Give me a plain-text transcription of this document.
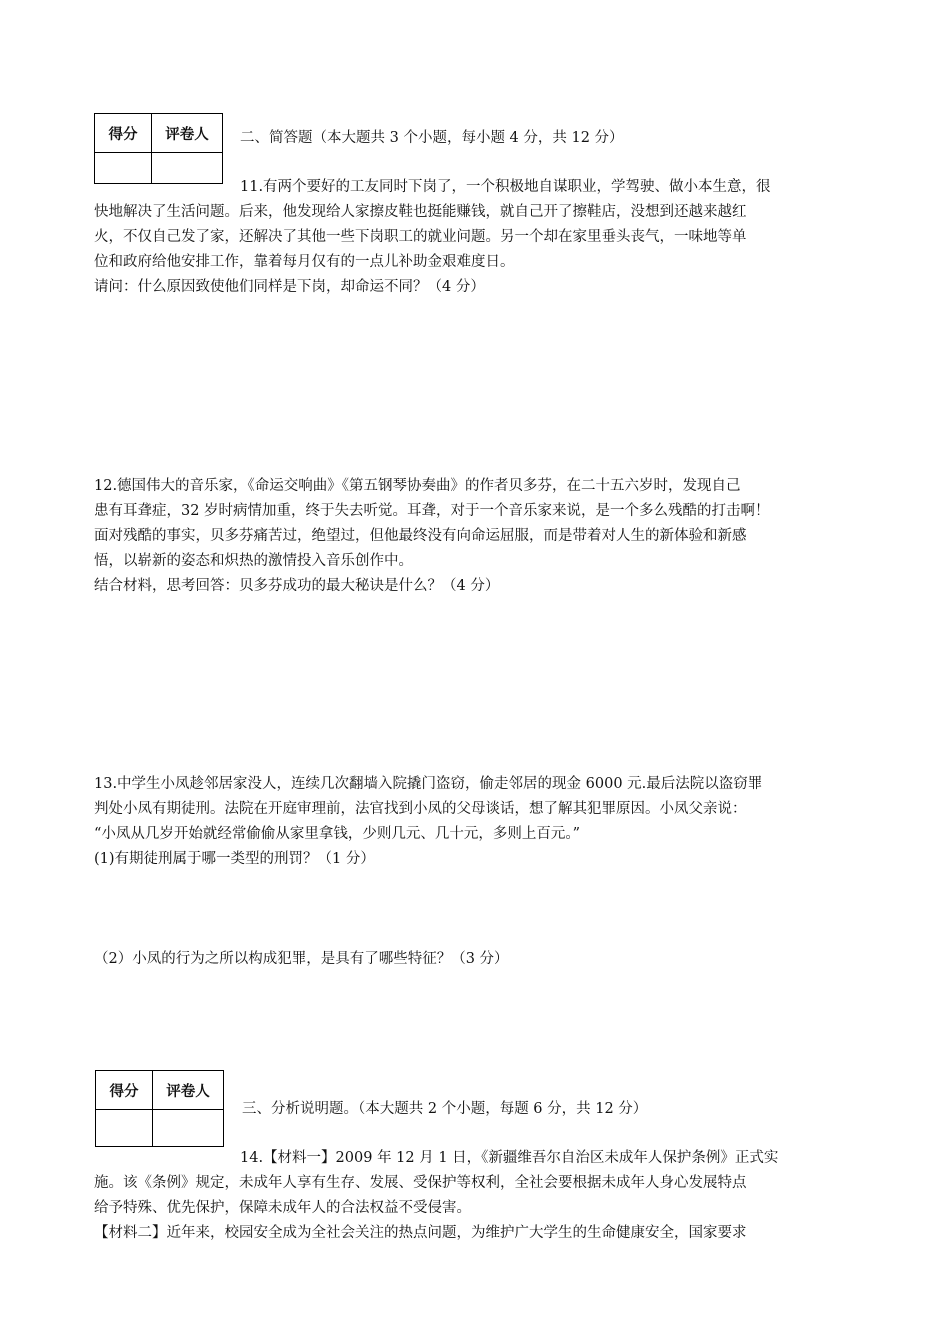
得分	评卷人
	二、简答题（本大题共 3 个小题，每小题 4 分，共 12 分）
11.有两个要好的工友同时下岗了，一个积极地自谋职业，学驾驶、做小本生意，很
快地解决了生活问题。后来，他发现给人家擦皮鞋也挺能赚钱，就自己开了擦鞋店，没想到还越来越红
火，不仅自己发了家，还解决了其他一些下岗职工的就业问题。另一个却在家里垂头丧气，一味地等单
位和政府给他安排工作，靠着每月仅有的一点儿补助金艰难度日。
请问：什么原因致使他们同样是下岗，却命运不同？（4 分）
12.德国伟大的音乐家，《命运交响曲》《第五钢琴协奏曲》的作者贝多芬，在二十五六岁时，发现自己
患有耳聋症，32 岁时病情加重，终于失去听觉。耳聋，对于一个音乐家来说，是一个多么残酷的打击啊！
面对残酷的事实，贝多芬痛苦过，绝望过，但他最终没有向命运屈服，而是带着对人生的新体验和新感
悟，以崭新的姿态和炽热的激情投入音乐创作中。
结合材料，思考回答：贝多芬成功的最大秘诀是什么？（4 分）
13.中学生小凤趁邻居家没人，连续几次翻墙入院撬门盗窃，偷走邻居的现金 6000 元.最后法院以盗窃罪
判处小凤有期徒刑。法院在开庭审理前，法官找到小凤的父母谈话，想了解其犯罪原因。小凤父亲说：
“小凤从几岁开始就经常偷偷从家里拿钱，少则几元、几十元，多则上百元。”
(1)有期徒刑属于哪一类型的刑罚？（1 分）
（2）小凤的行为之所以构成犯罪，是具有了哪些特征？（3 分）
得分	评卷人

三、分析说明题。（本大题共 2 个小题，每题 6 分，共 12 分）
14.【材料一】2009 年 12 月 1 日，《新疆维吾尔自治区未成年人保护条例》正式实
施。该《条例》规定，未成年人享有生存、发展、受保护等权利，全社会要根据未成年人身心发展特点
给予特殊、优先保护，保障未成年人的合法权益不受侵害。
【材料二】近年来，校园安全成为全社会关注的热点问题，为维护广大学生的生命健康安全，国家要求
